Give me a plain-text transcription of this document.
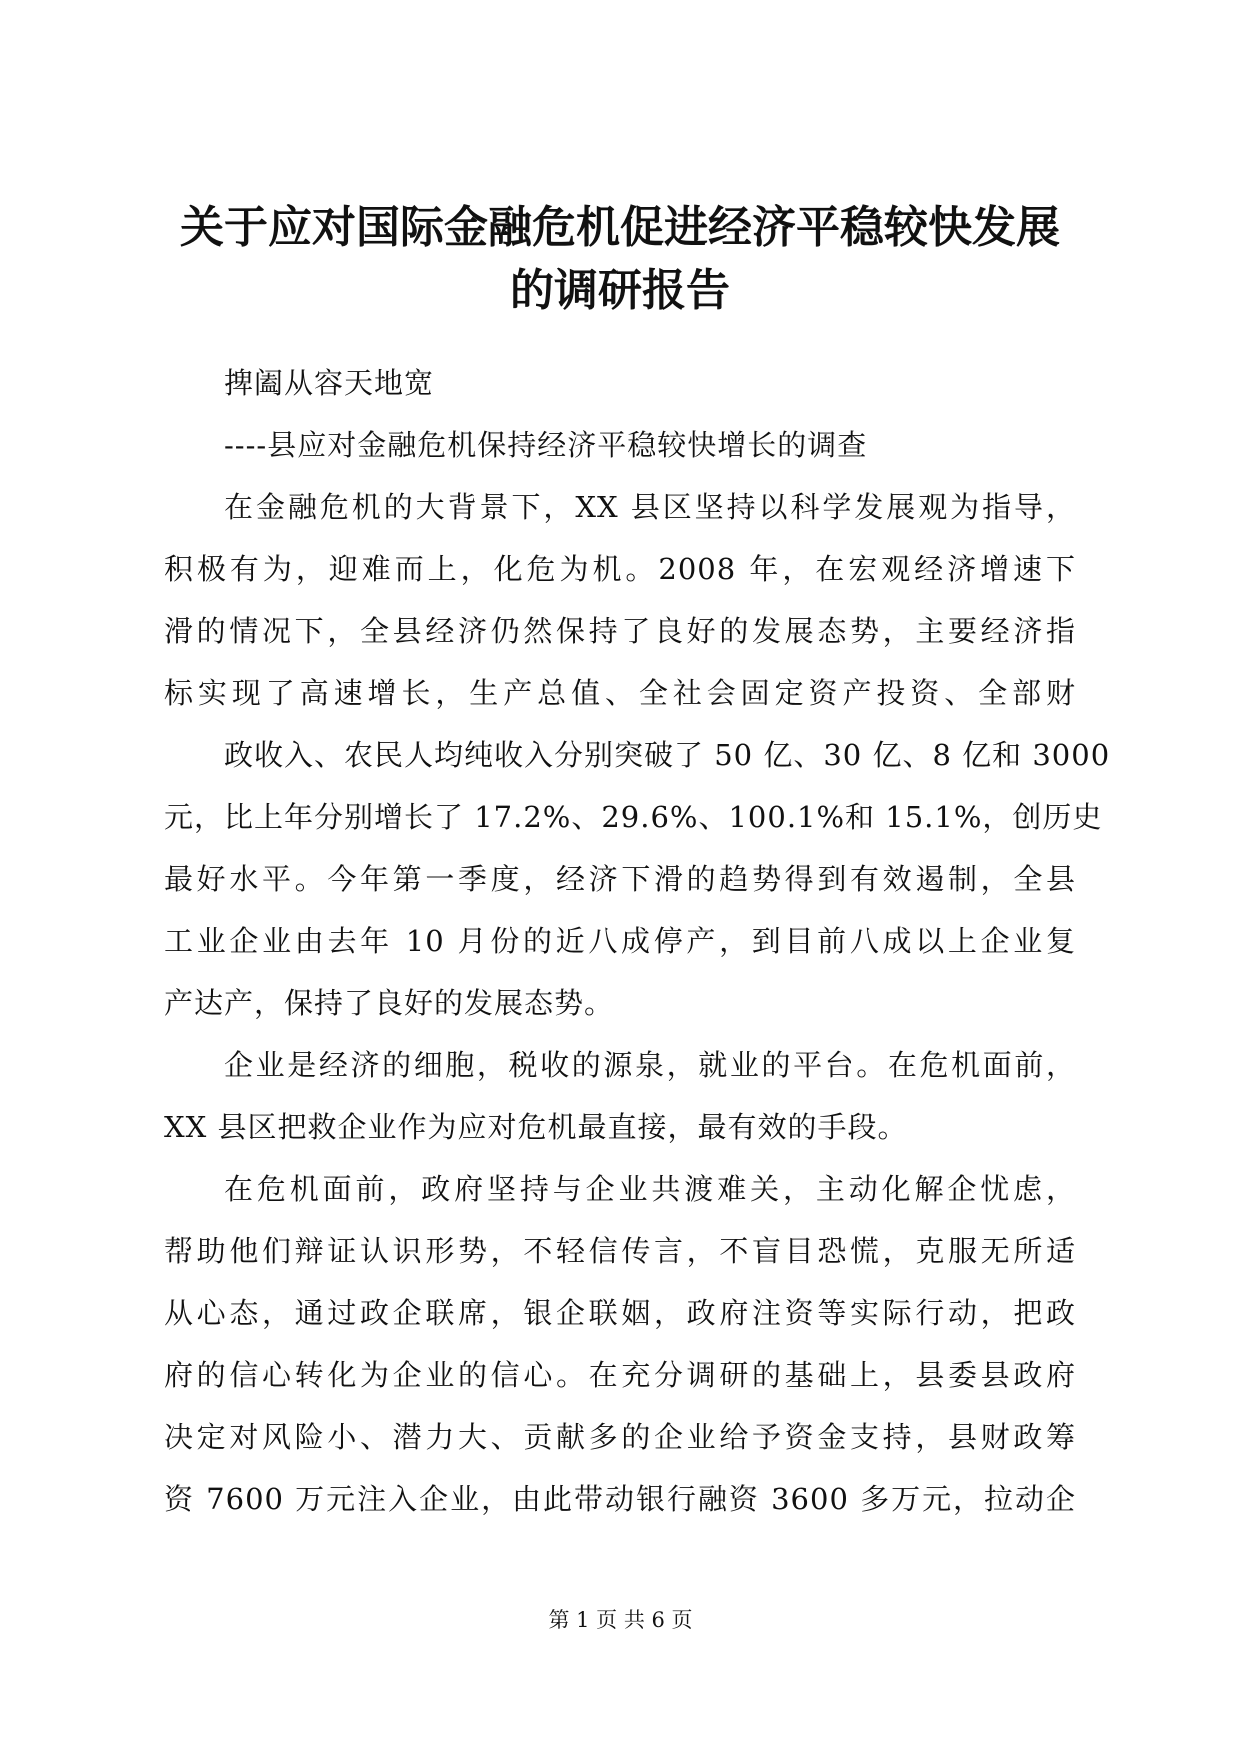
关于应对国际金融危机促进经济平稳较快发展
的调研报告
捭阖从容天地宽
----县应对金融危机保持经济平稳较快增长的调查
在金融危机的大背景下，XX 县区坚持以科学发展观为指导，
积极有为，迎难而上，化危为机。2008 年，在宏观经济增速下
滑的情况下，全县经济仍然保持了良好的发展态势，主要经济指
标实现了高速增长，生产总值、全社会固定资产投资、全部财
政收入、农民人均纯收入分别突破了 50 亿、30 亿、8 亿和 3000
元，比上年分别增长了 17.2%、29.6%、100.1%和 15.1%，创历史
最好水平。今年第一季度，经济下滑的趋势得到有效遏制，全县
工业企业由去年 10 月份的近八成停产，到目前八成以上企业复
产达产，保持了良好的发展态势。
企业是经济的细胞，税收的源泉，就业的平台。在危机面前，
XX 县区把救企业作为应对危机最直接，最有效的手段。
在危机面前，政府坚持与企业共渡难关，主动化解企忧虑，
帮助他们辩证认识形势，不轻信传言，不盲目恐慌，克服无所适
从心态，通过政企联席，银企联姻，政府注资等实际行动，把政
府的信心转化为企业的信心。在充分调研的基础上，县委县政府
决定对风险小、潜力大、贡献多的企业给予资金支持，县财政筹
资 7600 万元注入企业，由此带动银行融资 3600 多万元，拉动企
第 1 页 共 6 页
